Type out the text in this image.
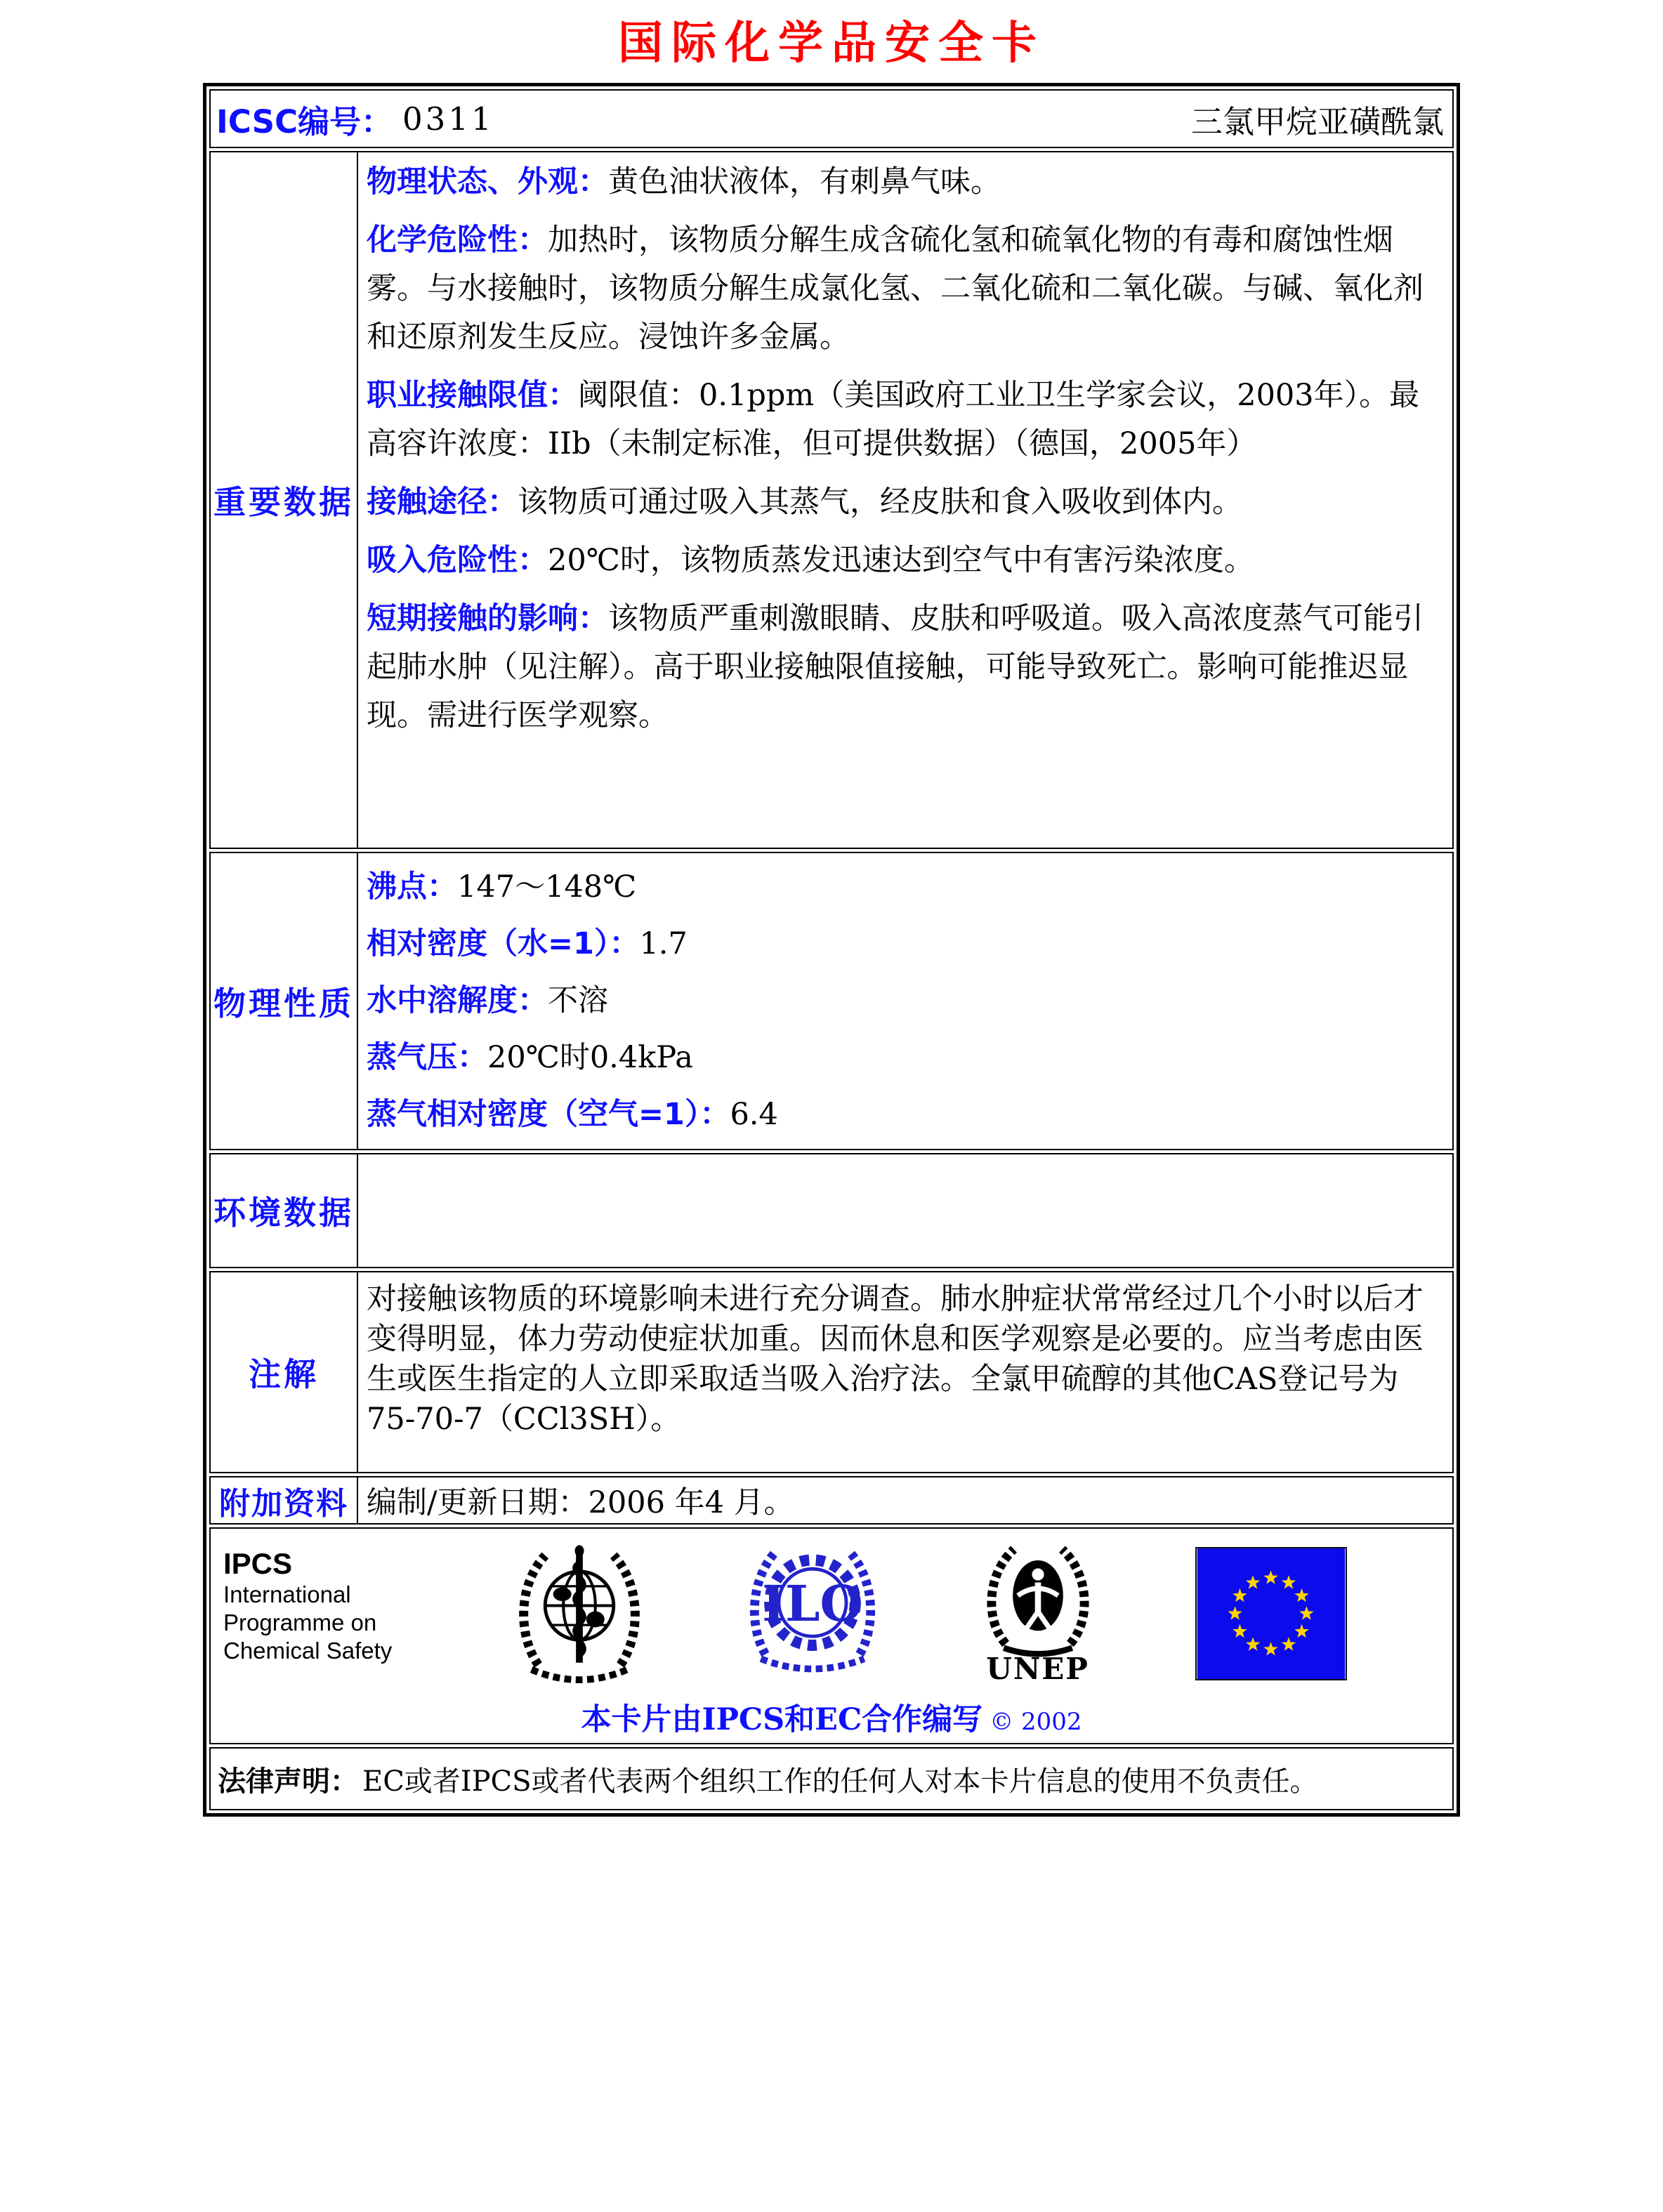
国际化学品安全卡
ICSC编号： 0311	三氯甲烷亚磺酰氯
重要数据

物理状态、外观：黄色油状液体，有刺鼻气味。

化学危险性：加热时，该物质分解生成含硫化氢和硫氧化物的有毒和腐蚀性烟雾。与水接触时，该物质分解生成氯化氢、二氧化硫和二氧化碳。与碱、氧化剂和还原剂发生反应。浸蚀许多金属。

职业接触限值：阈限值：0.1ppm（美国政府工业卫生学家会议，2003年）。最高容许浓度：IIb（未制定标准，但可提供数据）（德国，2005年）

接触途径：该物质可通过吸入其蒸气，经皮肤和食入吸收到体内。

吸入危险性：20℃时，该物质蒸发迅速达到空气中有害污染浓度。

短期接触的影响：该物质严重刺激眼睛、皮肤和呼吸道。吸入高浓度蒸气可能引起肺水肿（见注解）。高于职业接触限值接触，可能导致死亡。影响可能推迟显现。需进行医学观察。

物理性质

沸点：147～148℃

相对密度（水=1）：1.7

水中溶解度：不溶

蒸气压：20℃时0.4kPa

蒸气相对密度（空气=1）：6.4

环境数据
注解
对接触该物质的环境影响未进行充分调查。肺水肿症状常常经过几个小时以后才变得明显，体力劳动使症状加重。因而休息和医学观察是必要的。应当考虑由医生或医生指定的人立即采取适当吸入治疗法。全氯甲硫醇的其他CAS登记号为75-70-7（CCl3SH）。
附加资料 编制/更新日期： 2006 年4 月。
IPCS
International
Programme on
Chemical Safety
ILO
UNEP
本卡片由IPCS和EC合作编写 © 2002
法律声明： EC或者IPCS或者代表两个组织工作的任何人对本卡片信息的使用不负责任。
